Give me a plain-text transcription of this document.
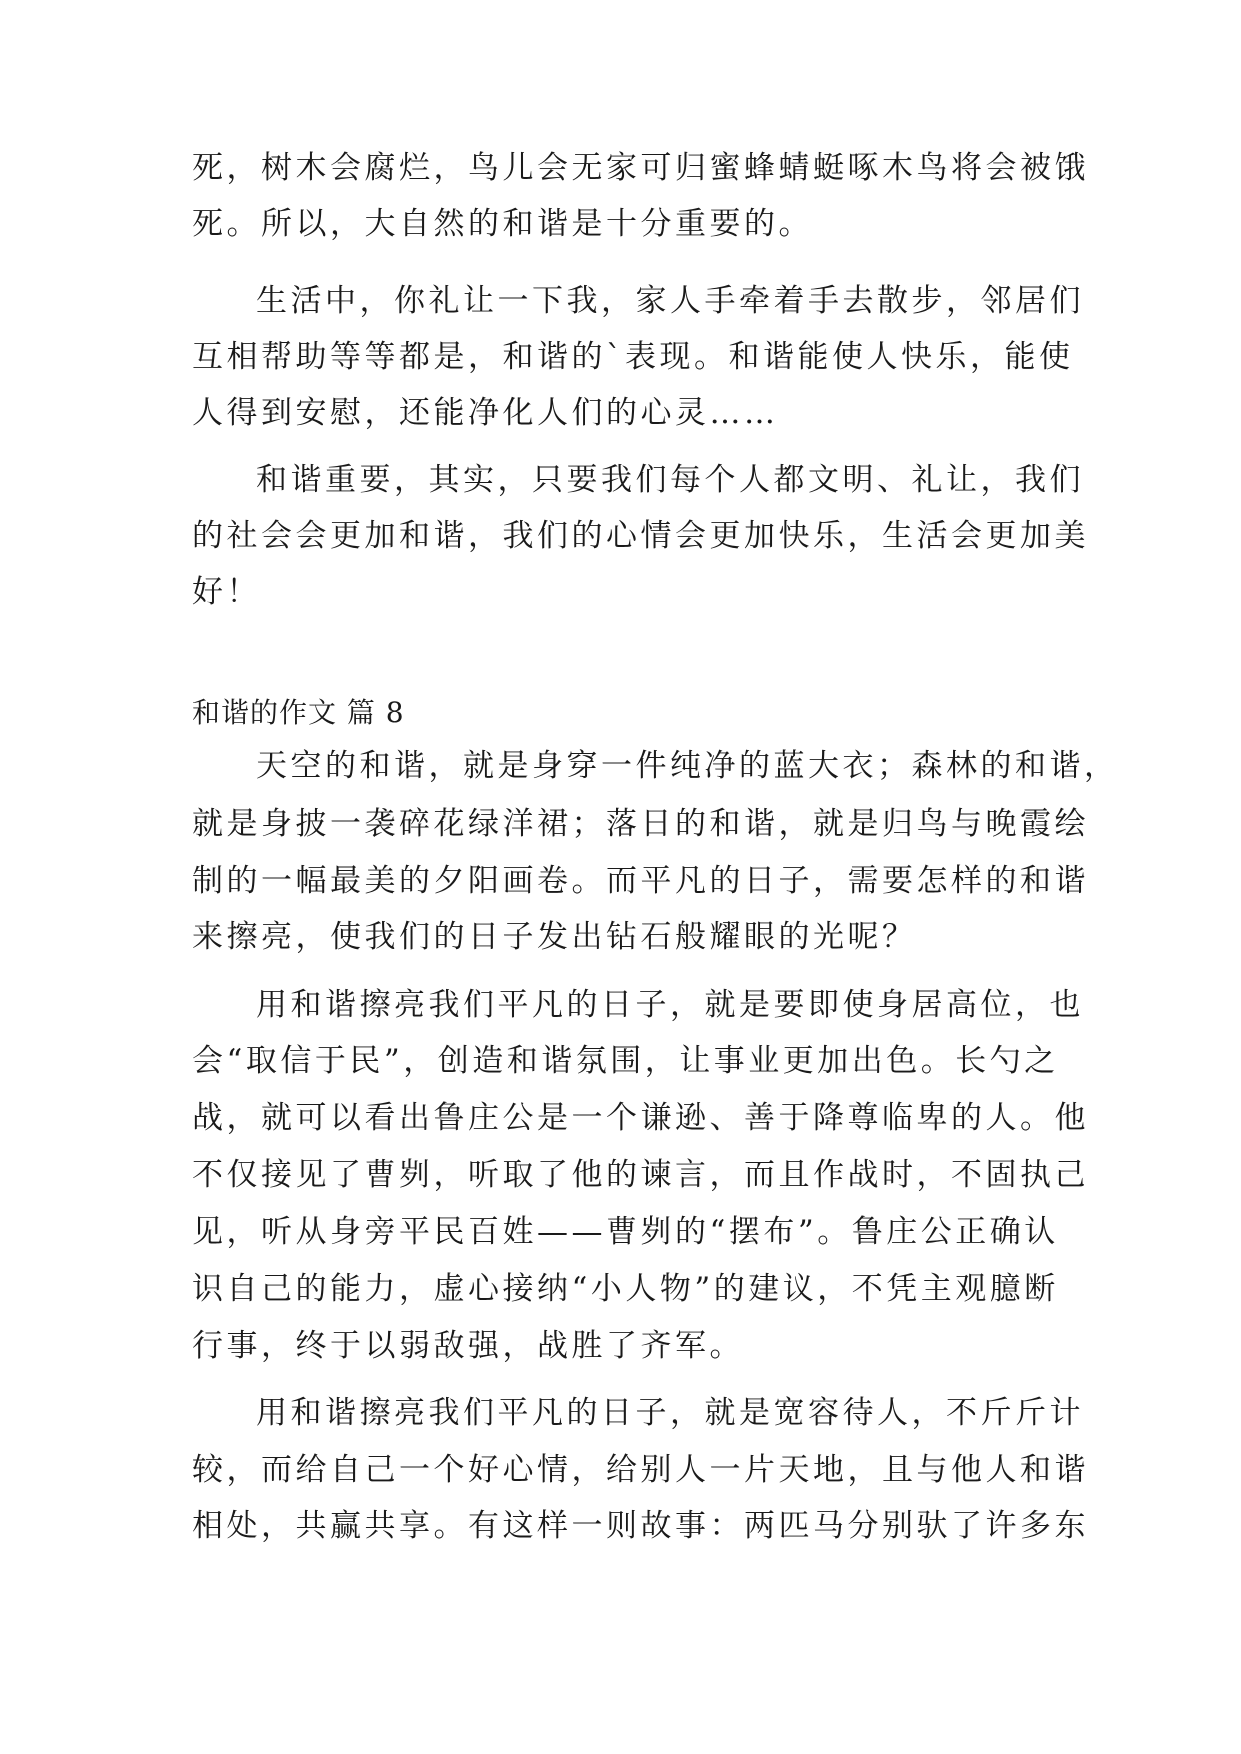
死，树木会腐烂，鸟儿会无家可归蜜蜂蜻蜓啄木鸟将会被饿
死。所以，大自然的和谐是十分重要的。
生活中，你礼让一下我，家人手牵着手去散步，邻居们
互相帮助等等都是，和谐的`表现。和谐能使人快乐，能使
人得到安慰，还能净化人们的心灵……
和谐重要，其实，只要我们每个人都文明、礼让，我们
的社会会更加和谐，我们的心情会更加快乐，生活会更加美
好！
和谐的作文 篇 8
天空的和谐，就是身穿一件纯净的蓝大衣；森林的和谐，
就是身披一袭碎花绿洋裙；落日的和谐，就是归鸟与晚霞绘
制的一幅最美的夕阳画卷。而平凡的日子，需要怎样的和谐
来擦亮，使我们的日子发出钻石般耀眼的光呢？
用和谐擦亮我们平凡的日子，就是要即使身居高位，也
会“取信于民”，创造和谐氛围，让事业更加出色。长勺之
战，就可以看出鲁庄公是一个谦逊、善于降尊临卑的人。他
不仅接见了曹刿，听取了他的谏言，而且作战时，不固执己
见，听从身旁平民百姓——曹刿的“摆布”。鲁庄公正确认
识自己的能力，虚心接纳“小人物”的建议，不凭主观臆断
行事，终于以弱敌强，战胜了齐军。
用和谐擦亮我们平凡的日子，就是宽容待人，不斤斤计
较，而给自己一个好心情，给别人一片天地，且与他人和谐
相处，共赢共享。有这样一则故事：两匹马分别驮了许多东
